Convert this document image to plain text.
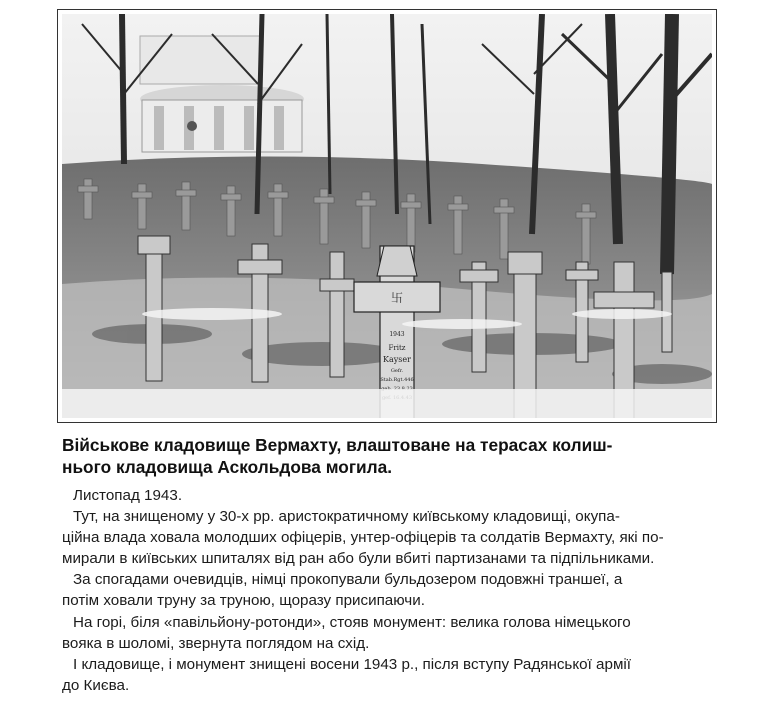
卐
1943
Fritz
Kayser
Gefr.
Stab.Rgt.446
Військове кладовище Вермахту, влаштоване на терасах колиш-
нього кладовища Аскольдова могила.

Листопад 1943.

Тут, на знищеному у 30-х рр. аристократичному київському кладовищі, окупа-

ційна влада ховала молодших офіцерів, унтер-офіцерів та солдатів Вермахту, які по-

мирали в київських шпиталях від ран або були вбиті партизанами та підпільниками.

За спогадами очевидців, німці прокопували бульдозером подовжні траншеї, а

потім ховали труну за труною, щоразу присипаючи.

На горі, біля «павільйону-ротонди», стояв монумент: велика голова німецького

вояка в шоломі, звернута поглядом на схід.

І кладовище, і монумент знищені восени 1943 р., після вступу Радянської армії

до Києва.
